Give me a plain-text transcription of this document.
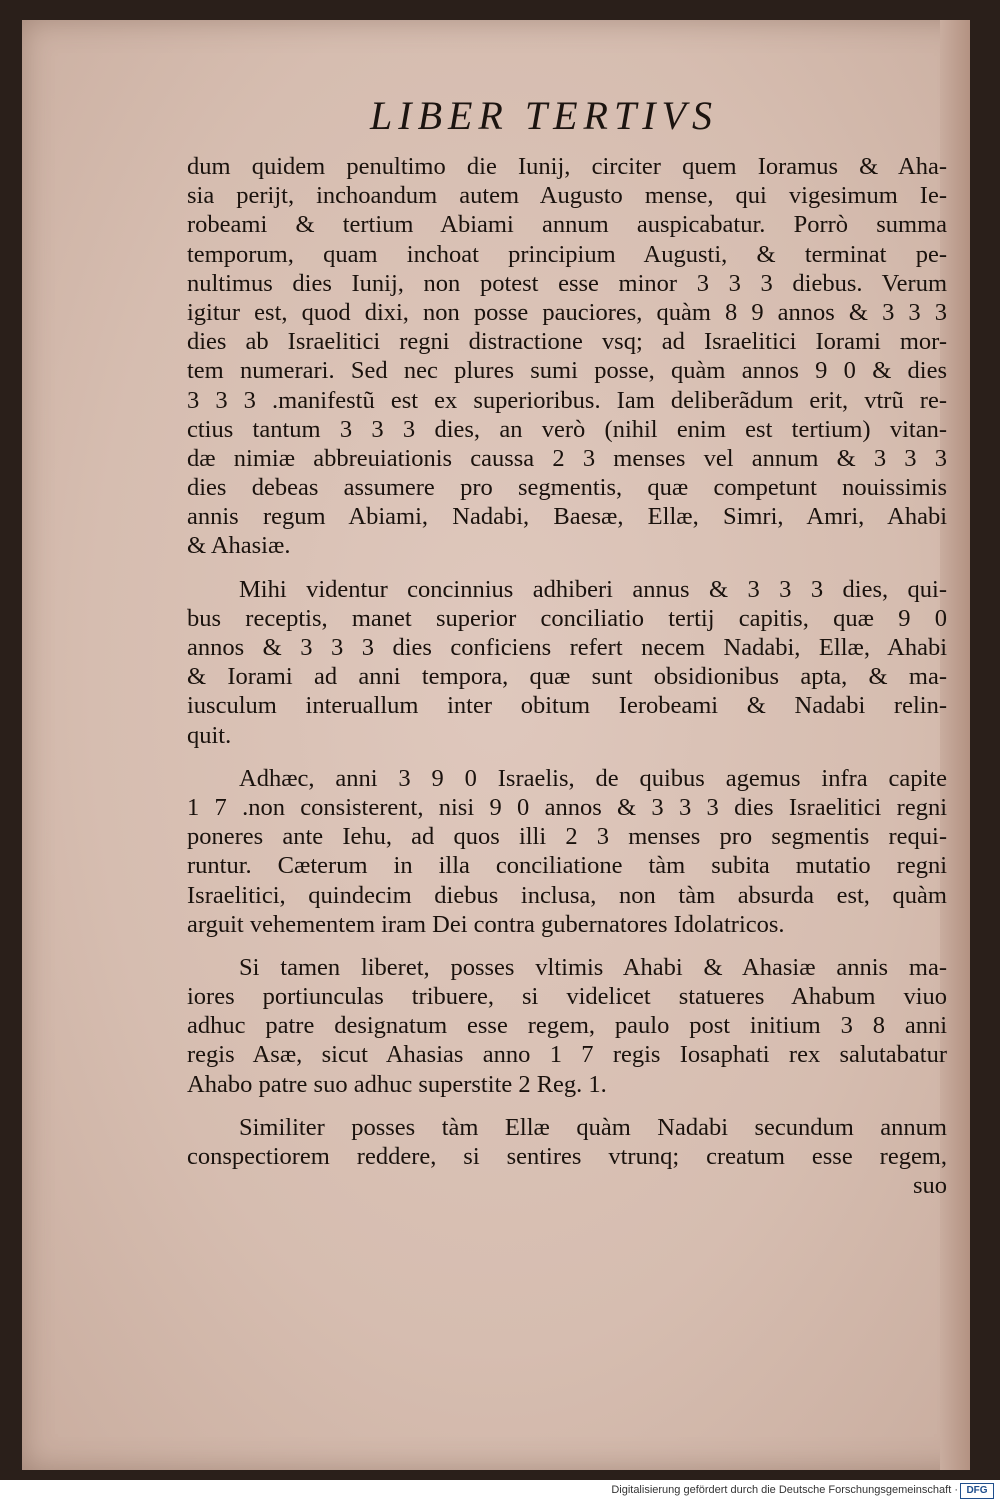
LIBER TERTIVS
dum quidem penultimo die Iunij, circiter quem Ioramus & Aha-
sia perijt, inchoandum autem Augusto mense, qui vigesimum Ie-
robeami & tertium Abiami annum auspicabatur. Porrò summa
temporum, quam inchoat principium Augusti, & terminat pe-
nultimus dies Iunij, non potest esse minor 3 3 3 diebus. Verum
igitur est, quod dixi, non posse pauciores, quàm 8 9 annos & 3 3 3
dies ab Israelitici regni distractione vsq; ad Israelitici Iorami mor-
tem numerari. Sed nec plures sumi posse, quàm annos 9 0 & dies
3 3 3 .manifestũ est ex superioribus. Iam deliberãdum erit, vtrũ re-
ctius tantum 3 3 3 dies, an verò (nihil enim est tertium) vitan-
dæ nimiæ abbreuiationis caussa 2 3 menses vel annum & 3 3 3
dies debeas assumere pro segmentis, quæ competunt nouissimis
annis regum Abiami, Nadabi, Baesæ, Ellæ, Simri, Amri, Ahabi
& Ahasiæ.
Mihi videntur concinnius adhiberi annus & 3 3 3 dies, qui-
bus receptis, manet superior conciliatio tertij capitis, quæ 9 0
annos & 3 3 3 dies conficiens refert necem Nadabi, Ellæ, Ahabi
& Iorami ad anni tempora, quæ sunt obsidionibus apta, & ma-
iusculum interuallum inter obitum Ierobeami & Nadabi relin-
quit.
Adhæc, anni 3 9 0 Israelis, de quibus agemus infra capite
1 7 .non consisterent, nisi 9 0 annos & 3 3 3 dies Israelitici regni
poneres ante Iehu, ad quos illi 2 3 menses pro segmentis requi-
runtur. Cæterum in illa conciliatione tàm subita mutatio regni
Israelitici, quindecim diebus inclusa, non tàm absurda est, quàm
arguit vehementem iram Dei contra gubernatores Idolatricos.
Si tamen liberet, posses vltimis Ahabi & Ahasiæ annis ma-
iores portiunculas tribuere, si videlicet statueres Ahabum viuo
adhuc patre designatum esse regem, paulo post initium 3 8 anni
regis Asæ, sicut Ahasias anno 1 7 regis Iosaphati rex salutabatur
Ahabo patre suo adhuc superstite 2 Reg. 1.
Similiter posses tàm Ellæ quàm Nadabi secundum annum
conspectiorem reddere, si sentires vtrunq; creatum esse regem,
suo
Digitalisierung gefördert durch die Deutsche Forschungsgemeinschaft · DFG
